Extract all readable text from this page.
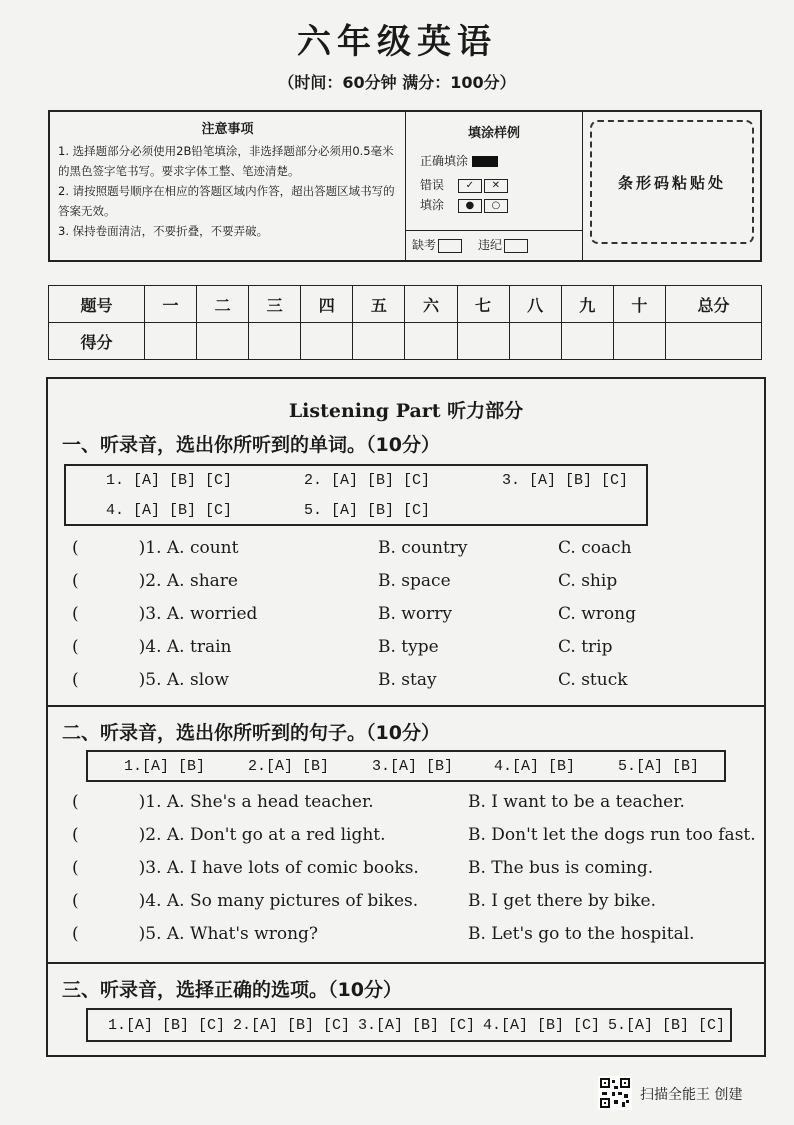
六年级英语
（时间：60分钟 满分：100分）
注意事项

1. 选择题部分必须使用2B铅笔填涂，非选择题部分必须用0.5毫米的黑色签字笔书写。要求字体工整、笔迹清楚。

2. 请按照题号顺序在相应的答题区域内作答，超出答题区域书写的答案无效。

3. 保持卷面清洁，不要折叠，不要弄破。

填涂样例
正确填涂
错误 ✓ ✕
填涂 ● ○
缺考	违纪
条形码粘贴处
题号	一	二	三	四	五	六	七	八	九	十	总分
得分											
Listening Part 听力部分
一、听录音，选出你所听到的单词。（10分）
1. [A] [B] [C]	2. [A] [B] [C]	3. [A] [B] [C]
4. [A] [B] [C]	5. [A] [B] [C]
(	)1. A. count	B. country	C. coach
(	)2. A. share	B. space	C. ship
(	)3. A. worried	B. worry	C. wrong
(	)4. A. train	B. type	C. trip
(	)5. A. slow	B. stay	C. stuck
二、听录音，选出你所听到的句子。（10分）
1.[A] [B]	2.[A] [B]	3.[A] [B]	4.[A] [B]	5.[A] [B]
(	)1. A. She's a head teacher.	B. I want to be a teacher.
(	)2. A. Don't go at a red light.	B. Don't let the dogs run too fast.
(	)3. A. I have lots of comic books.	B. The bus is coming.
(	)4. A. So many pictures of bikes.	B. I get there by bike.
(	)5. A. What's wrong?	B. Let's go to the hospital.
三、听录音，选择正确的选项。（10分）
1.[A] [B] [C] 2.[A] [B] [C] 3.[A] [B] [C] 4.[A] [B] [C] 5.[A] [B] [C]
扫描全能王 创建
